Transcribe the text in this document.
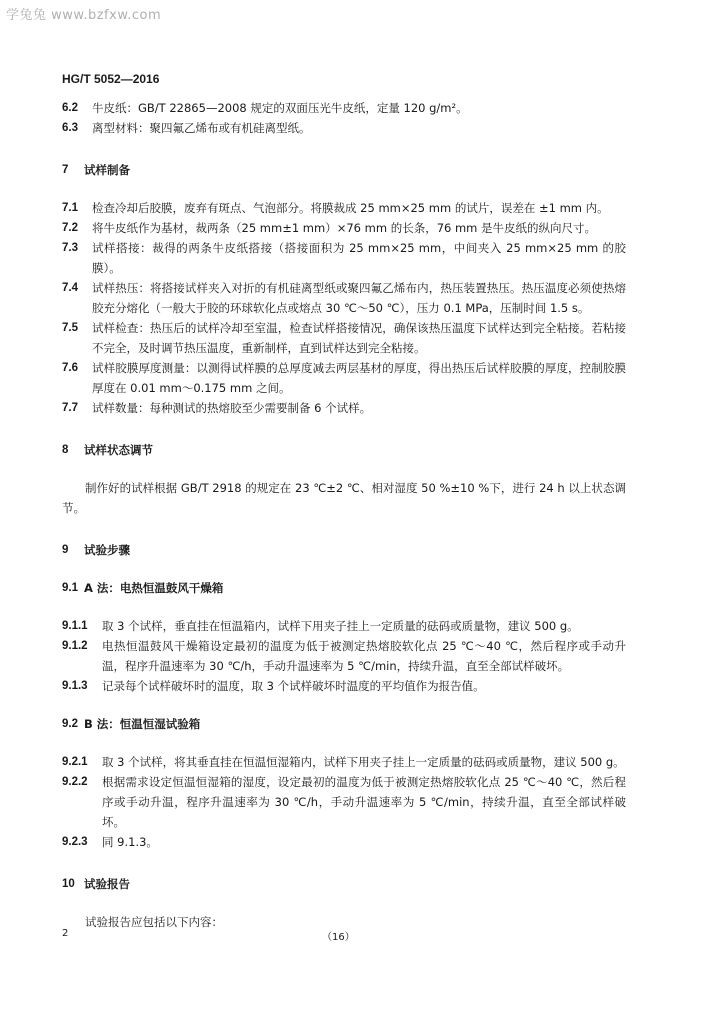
学兔兔 www.bzfxw.com
HG/T 5052—2016
6.2	牛皮纸：GB/T 22865—2008 规定的双面压光牛皮纸，定量 120 g/m²。
6.3	离型材料：聚四氟乙烯布或有机硅离型纸。
7	试样制备
7.1	检查冷却后胶膜，废弃有斑点、气泡部分。将膜裁成 25 mm×25 mm 的试片，误差在 ±1 mm 内。
7.2	将牛皮纸作为基材，裁两条（25 mm±1 mm）×76 mm 的长条，76 mm 是牛皮纸的纵向尺寸。
7.3	试样搭接：裁得的两条牛皮纸搭接（搭接面积为 25 mm×25 mm，中间夹入 25 mm×25 mm 的胶膜）。
7.4	试样热压：将搭接试样夹入对折的有机硅离型纸或聚四氟乙烯布内，热压装置热压。热压温度必须使热熔胶充分熔化（一般大于胶的环球软化点或熔点 30 ℃～50 ℃），压力 0.1 MPa，压制时间 1.5 s。
7.5	试样检查：热压后的试样冷却至室温，检查试样搭接情况，确保该热压温度下试样达到完全粘接。若粘接不完全，及时调节热压温度，重新制样，直到试样达到完全粘接。
7.6	试样胶膜厚度测量：以测得试样膜的总厚度减去两层基材的厚度，得出热压后试样胶膜的厚度，控制胶膜厚度在 0.01 mm～0.175 mm 之间。
7.7	试样数量：每种测试的热熔胶至少需要制备 6 个试样。
8	试样状态调节

制作好的试样根据 GB/T 2918 的规定在 23 ℃±2 ℃、相对湿度 50 %±10 %下，进行 24 h 以上状态调节。

9	试验步骤
9.1 A 法：电热恒温鼓风干燥箱
9.1.1	取 3 个试样，垂直挂在恒温箱内，试样下用夹子挂上一定质量的砝码或质量物，建议 500 g。
9.1.2	电热恒温鼓风干燥箱设定最初的温度为低于被测定热熔胶软化点 25 ℃～40 ℃，然后程序或手动升温，程序升温速率为 30 ℃/h，手动升温速率为 5 ℃/min，持续升温，直至全部试样破坏。
9.1.3	记录每个试样破坏时的温度，取 3 个试样破坏时温度的平均值作为报告值。
9.2 B 法：恒温恒湿试验箱
9.2.1	取 3 个试样，将其垂直挂在恒温恒湿箱内，试样下用夹子挂上一定质量的砝码或质量物，建议 500 g。
9.2.2	根据需求设定恒温恒湿箱的湿度，设定最初的温度为低于被测定热熔胶软化点 25 ℃～40 ℃，然后程序或手动升温，程序升温速率为 30 ℃/h，手动升温速率为 5 ℃/min，持续升温，直至全部试样破坏。
9.2.3	同 9.1.3。
10 试验报告

试验报告应包括以下内容：

2	（16）
